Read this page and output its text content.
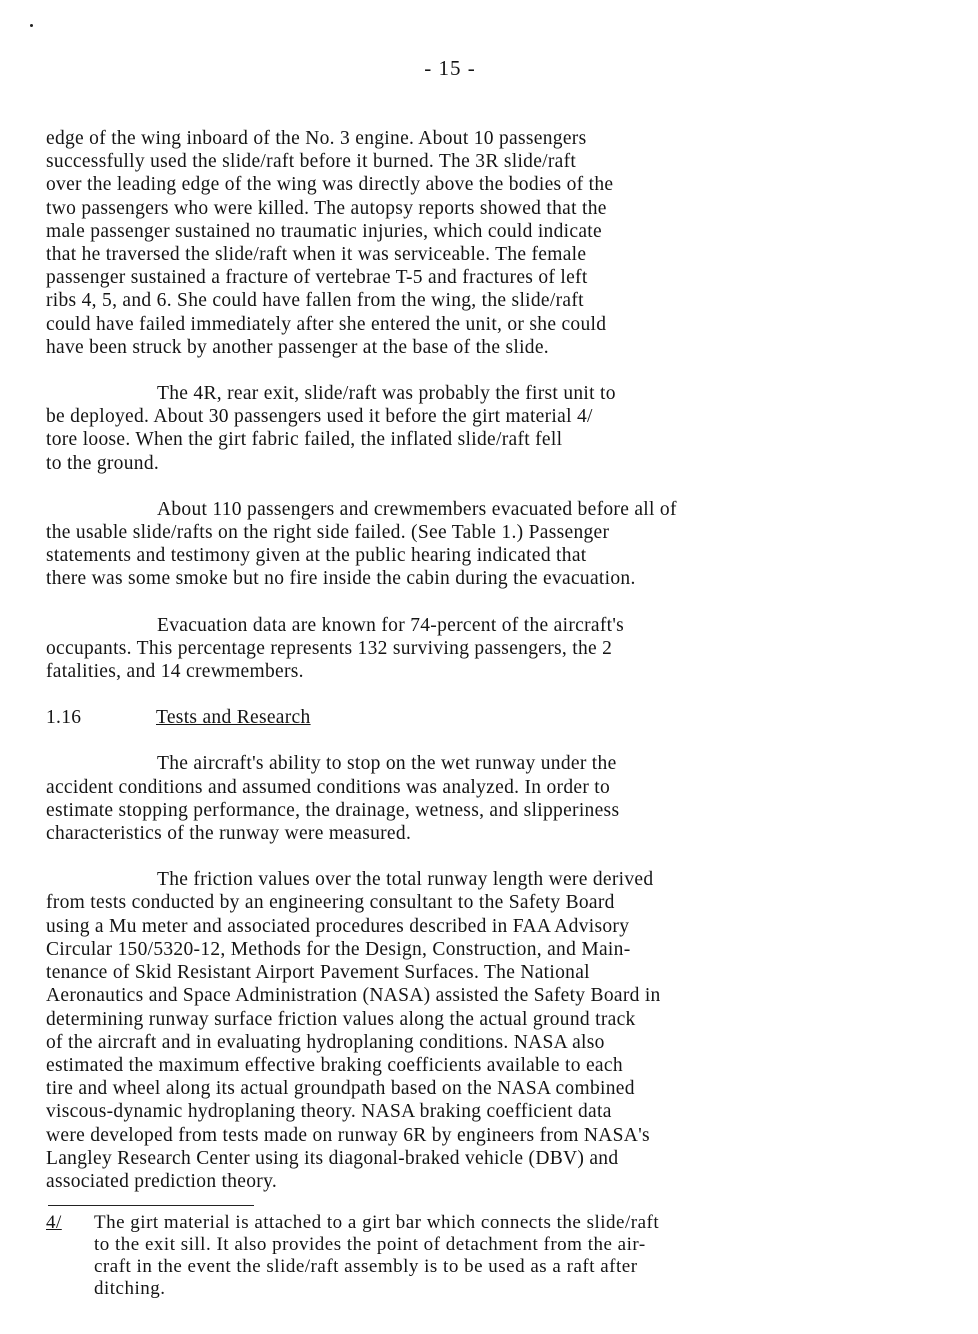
- 15 -

edge of the wing inboard of the No. 3 engine. About 10 passengers
successfully used the slide/raft before it burned. The 3R slide/raft
over the leading edge of the wing was directly above the bodies of the
two passengers who were killed. The autopsy reports showed that the
male passenger sustained no traumatic injuries, which could indicate
that he traversed the slide/raft when it was serviceable. The female
passenger sustained a fracture of vertebrae T-5 and fractures of left
ribs 4, 5, and 6. She could have fallen from the wing, the slide/raft
could have failed immediately after she entered the unit, or she could
have been struck by another passenger at the base of the slide.

The 4R, rear exit, slide/raft was probably the first unit to
be deployed. About 30 passengers used it before the girt material 4/
tore loose. When the girt fabric failed, the inflated slide/raft fell
to the ground.

About 110 passengers and crewmembers evacuated before all of
the usable slide/rafts on the right side failed. (See Table 1.) Passenger
statements and testimony given at the public hearing indicated that
there was some smoke but no fire inside the cabin during the evacuation.

Evacuation data are known for 74-percent of the aircraft's
occupants. This percentage represents 132 surviving passengers, the 2
fatalities, and 14 crewmembers.

1.16	Tests and Research

The aircraft's ability to stop on the wet runway under the
accident conditions and assumed conditions was analyzed. In order to
estimate stopping performance, the drainage, wetness, and slipperiness
characteristics of the runway were measured.

The friction values over the total runway length were derived
from tests conducted by an engineering consultant to the Safety Board
using a Mu meter and associated procedures described in FAA Advisory
Circular 150/5320-12, Methods for the Design, Construction, and Main-
tenance of Skid Resistant Airport Pavement Surfaces. The National
Aeronautics and Space Administration (NASA) assisted the Safety Board in
determining runway surface friction values along the actual ground track
of the aircraft and in evaluating hydroplaning conditions. NASA also
estimated the maximum effective braking coefficients available to each
tire and wheel along its actual groundpath based on the NASA combined
viscous-dynamic hydroplaning theory. NASA braking coefficient data
were developed from tests made on runway 6R by engineers from NASA's
Langley Research Center using its diagonal-braked vehicle (DBV) and
associated prediction theory.

4/	The girt material is attached to a girt bar which connects the slide/raft
to the exit sill. It also provides the point of detachment from the air-
craft in the event the slide/raft assembly is to be used as a raft after
ditching.
